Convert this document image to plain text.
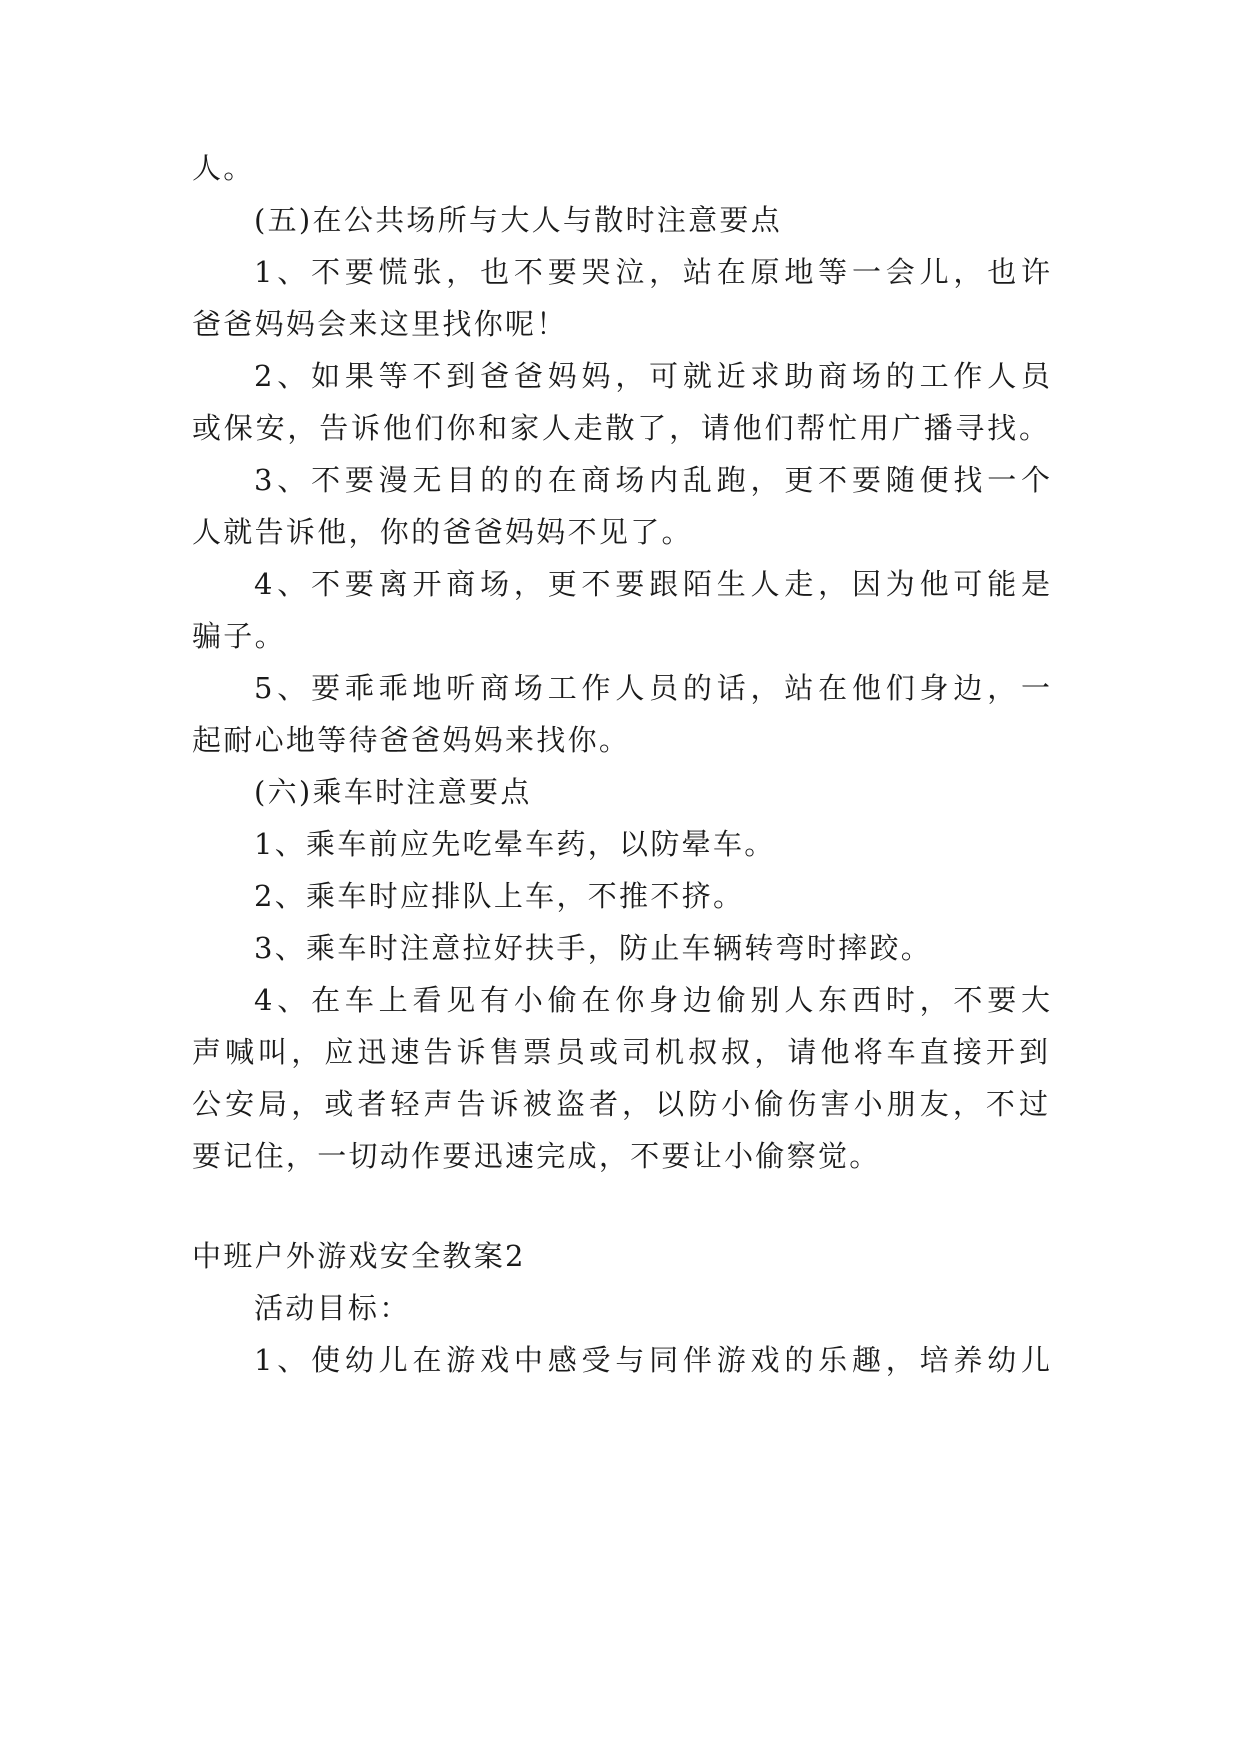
人。
(五)在公共场所与大人与散时注意要点
1、不要慌张，也不要哭泣，站在原地等一会儿，也许
爸爸妈妈会来这里找你呢！
2、如果等不到爸爸妈妈，可就近求助商场的工作人员
或保安，告诉他们你和家人走散了，请他们帮忙用广播寻找。
3、不要漫无目的的在商场内乱跑，更不要随便找一个
人就告诉他，你的爸爸妈妈不见了。
4、不要离开商场，更不要跟陌生人走，因为他可能是
骗子。
5、要乖乖地听商场工作人员的话，站在他们身边，一
起耐心地等待爸爸妈妈来找你。
(六)乘车时注意要点
1、乘车前应先吃晕车药，以防晕车。
2、乘车时应排队上车，不推不挤。
3、乘车时注意拉好扶手，防止车辆转弯时摔跤。
4、在车上看见有小偷在你身边偷别人东西时，不要大
声喊叫，应迅速告诉售票员或司机叔叔，请他将车直接开到
公安局，或者轻声告诉被盗者，以防小偷伤害小朋友，不过
要记住，一切动作要迅速完成，不要让小偷察觉。
中班户外游戏安全教案2
活动目标：
1、使幼儿在游戏中感受与同伴游戏的乐趣，培养幼儿
